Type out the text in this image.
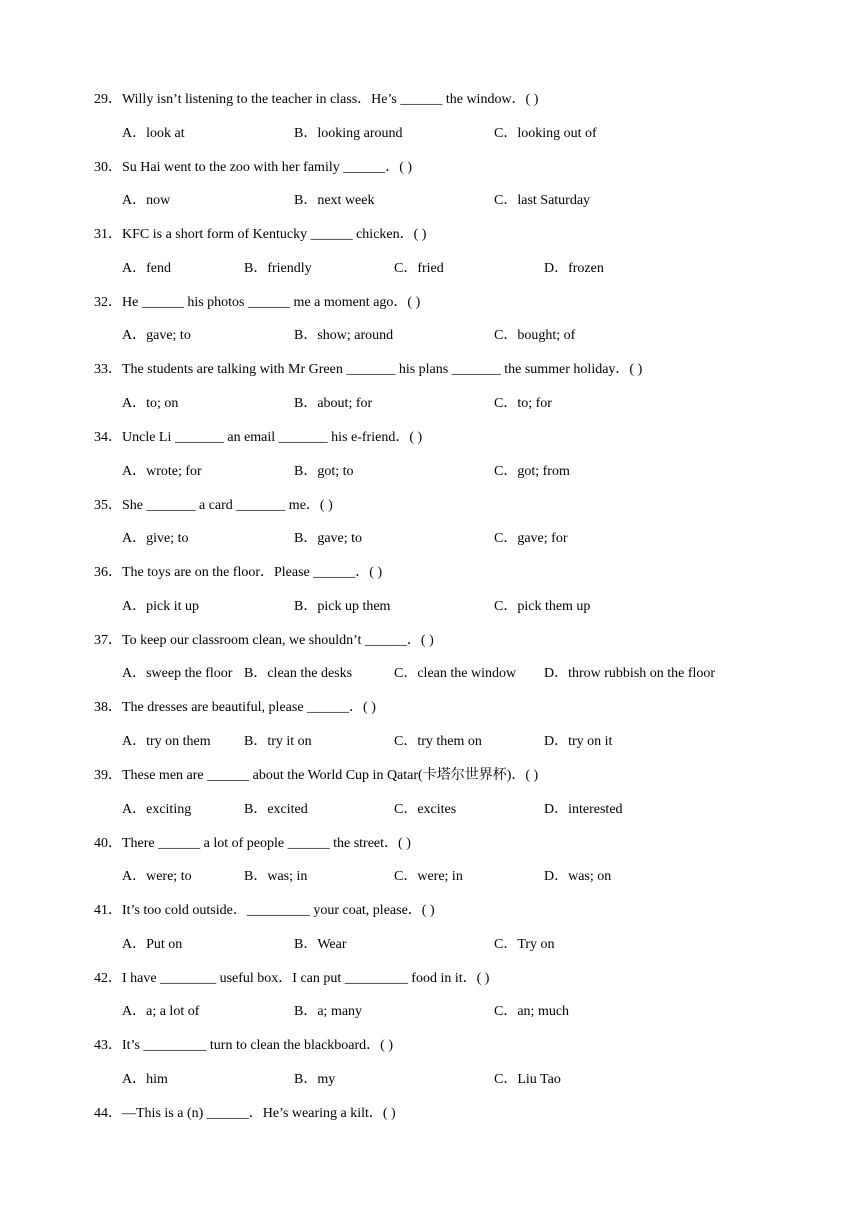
29．Willy isn’t listening to the teacher in class．He’s ______ the window．( )
A．look at	B．looking around	C．looking out of
30．Su Hai went to the zoo with her family ______．( )
A．now	B．next week	C．last Saturday
31．KFC is a short form of Kentucky ______ chicken．( )
A．fend	B．friendly	C．fried	D．frozen
32．He ______ his photos ______ me a moment ago．( )
A．gave; to	B．show; around	C．bought; of
33．The students are talking with Mr Green _______ his plans _______ the summer holiday．( )
A．to; on	B．about; for	C．to; for
34．Uncle Li _______ an email _______ his e-friend．( )
A．wrote; for	B．got; to	C．got; from
35．She _______ a card _______ me．( )
A．give; to	B．gave; to	C．gave; for
36．The toys are on the floor．Please ______．( )
A．pick it up	B．pick up them	C．pick them up
37．To keep our classroom clean, we shouldn’t ______．( )
A．sweep the floor B．clean the desks	C．clean the window D．throw rubbish on the floor
38．The dresses are beautiful, please ______．( )
A．try on them B．try it on	C．try them on	D．try on it
39．These men are ______ about the World Cup in Qatar(卡塔尔世界杯)．( )
A．exciting	B．excited	C．excites	D．interested
40．There ______ a lot of people ______ the street．( )
A．were; to	B．was; in	C．were; in	D．was; on
41．It’s too cold outside．_________ your coat, please．( )
A．Put on	B．Wear	C．Try on
42．I have ________ useful box．I can put _________ food in it．( )
A．a; a lot of	B．a; many	C．an; much
43．It’s _________ turn to clean the blackboard．( )
A．him	B．my	C．Liu Tao
44．—This is a (n) ______．He’s wearing a kilt．( )
